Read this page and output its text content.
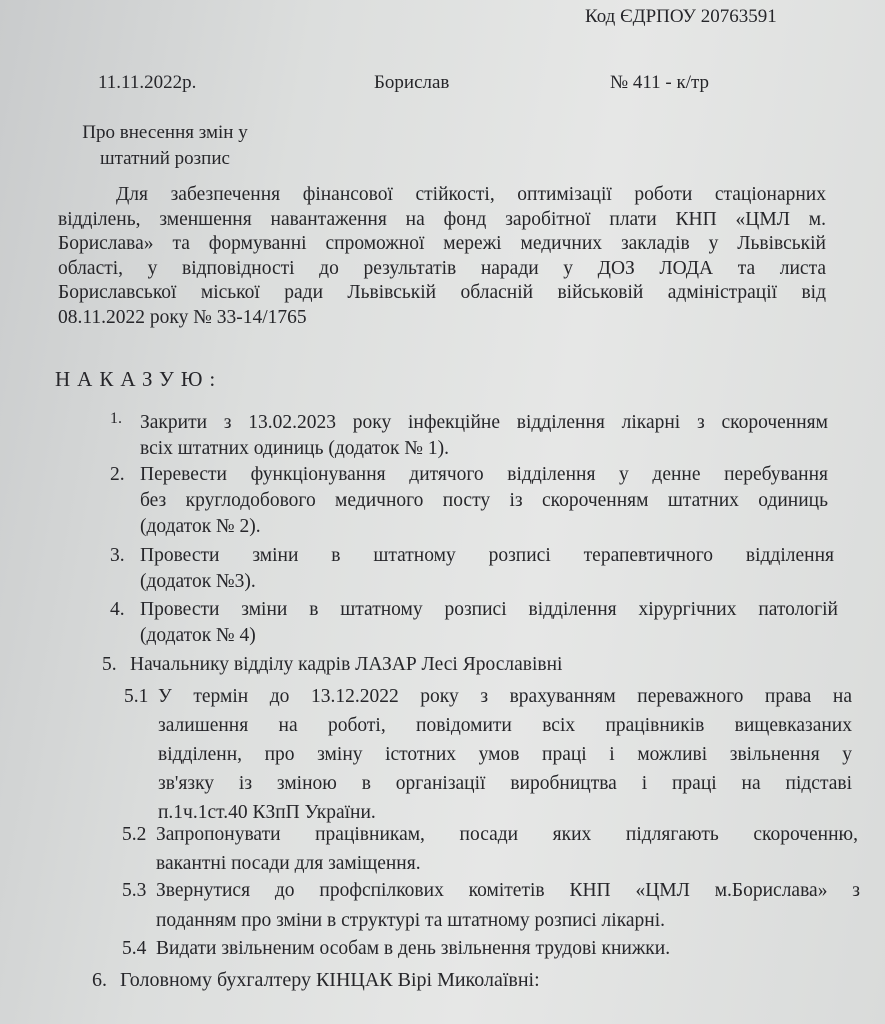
Код ЄДРПОУ 20763591
11.11.2022р.	Борислав	№ 411 - к/тр
Про внесення змін у
штатний розпис
Для забезпечення фінансової стійкості, оптимізації роботи стаціонарних
відділень, зменшення навантаження на фонд заробітної плати КНП «ЦМЛ м.
Борислава» та формуванні спроможної мережі медичних закладів у Львівській
області, у відповідності до результатів наради у ДОЗ ЛОДА та листа
Бориславської міської ради Львівській обласній військовій адміністрації від
08.11.2022 року № 33-14/1765
НАКАЗУЮ:
1. Закрити з 13.02.2023 року інфекційне відділення лікарні з скороченням
всіх штатних одиниць (додаток № 1).
2. Перевести функціонування дитячого відділення у денне перебування
без круглодобового медичного посту із скороченням штатних одиниць
(додаток № 2).
3. Провести зміни в штатному розписі терапевтичного відділення
(додаток №3).
4. Провести зміни в штатному розписі відділення хірургічних патологій
(додаток № 4)
5. Начальнику відділу кадрів ЛАЗАР Лесі Ярославівні
5.1 У термін до 13.12.2022 року з врахуванням переважного права на
залишення на роботі, повідомити всіх працівників вищевказаних
відділенн, про зміну істотних умов праці і можливі звільнення у
зв'язку із зміною в організації виробництва і праці на підставі
п.1ч.1ст.40 КЗпП України.
5.2 Запропонувати працівникам, посади яких підлягають скороченню,
вакантні посади для заміщення.
5.3 Звернутися до профспілкових комітетів КНП «ЦМЛ м.Борислава» з
поданням про зміни в структурі та штатному розписі лікарні.
5.4 Видати звільненим особам в день звільнення трудові книжки.
6. Головному бухгалтеру КІНЦАК Вірі Миколаївні:
